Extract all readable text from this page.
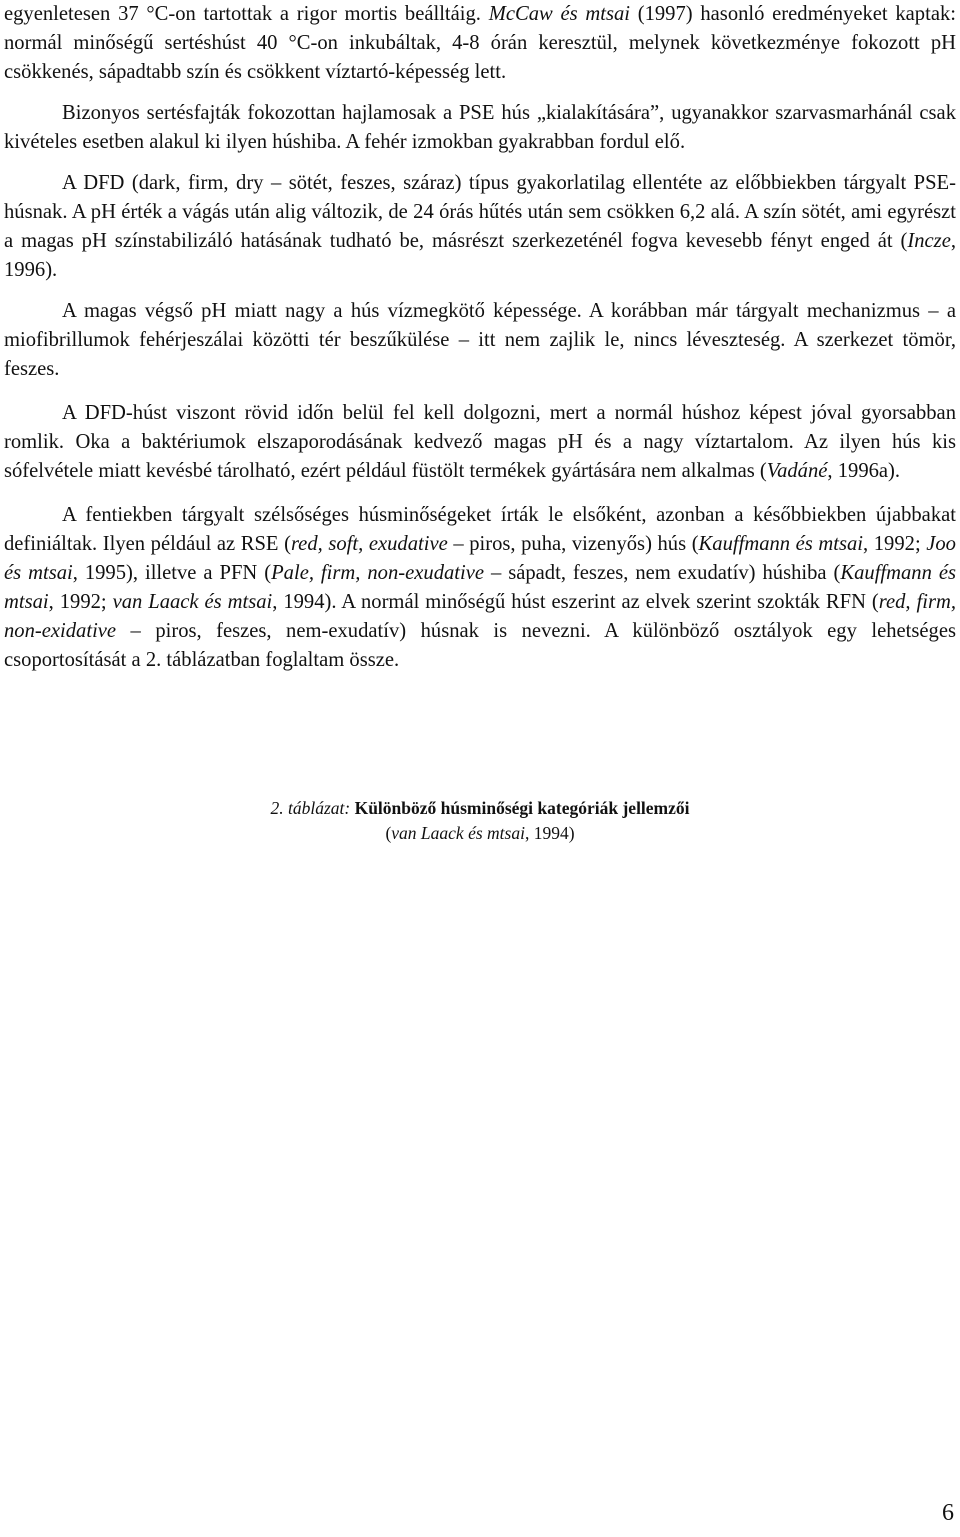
egyenletesen 37 °C-on tartottak a rigor mortis beálltáig. McCaw és mtsai (1997) hasonló eredményeket kaptak: normál minőségű sertéshúst 40 °C-on inkubáltak, 4-8 órán keresztül, melynek következménye fokozott pH csökkenés, sápadtabb szín és csökkent víztartó-képesség lett.

Bizonyos sertésfajták fokozottan hajlamosak a PSE hús „kialakítására”, ugyanakkor szarvasmarhánál csak kivételes esetben alakul ki ilyen húshiba. A fehér izmokban gyakrabban fordul elő.

A DFD (dark, firm, dry – sötét, feszes, száraz) típus gyakorlatilag ellentéte az előbbiekben tárgyalt PSE-húsnak. A pH érték a vágás után alig változik, de 24 órás hűtés után sem csökken 6,2 alá. A szín sötét, ami egyrészt a magas pH színstabilizáló hatásának tudható be, másrészt szerkezeténél fogva kevesebb fényt enged át (Incze, 1996).

A magas végső pH miatt nagy a hús vízmegkötő képessége. A korábban már tárgyalt mechanizmus – a miofibrillumok fehérjeszálai közötti tér beszűkülése – itt nem zajlik le, nincs léveszteség. A szerkezet tömör, feszes.

A DFD-húst viszont rövid időn belül fel kell dolgozni, mert a normál húshoz képest jóval gyorsabban romlik. Oka a baktériumok elszaporodásának kedvező magas pH és a nagy víztartalom. Az ilyen hús kis sófelvétele miatt kevésbé tárolható, ezért például füstölt termékek gyártására nem alkalmas (Vadáné, 1996a).

A fentiekben tárgyalt szélsőséges húsminőségeket írták le elsőként, azonban a későbbiekben újabbakat definiáltak. Ilyen például az RSE (red, soft, exudative – piros, puha, vizenyős) hús (Kauffmann és mtsai, 1992; Joo és mtsai, 1995), illetve a PFN (Pale, firm, non-exudative – sápadt, feszes, nem exudatív) húshiba (Kauffmann és mtsai, 1992; van Laack és mtsai, 1994). A normál minőségű húst eszerint az elvek szerint szokták RFN (red, firm, non-exidative – piros, feszes, nem-exudatív) húsnak is nevezni. A különböző osztályok egy lehetséges csoportosítását a 2. táblázatban foglaltam össze.

2. táblázat: Különböző húsminőségi kategóriák jellemzői
(van Laack és mtsai, 1994)
6
